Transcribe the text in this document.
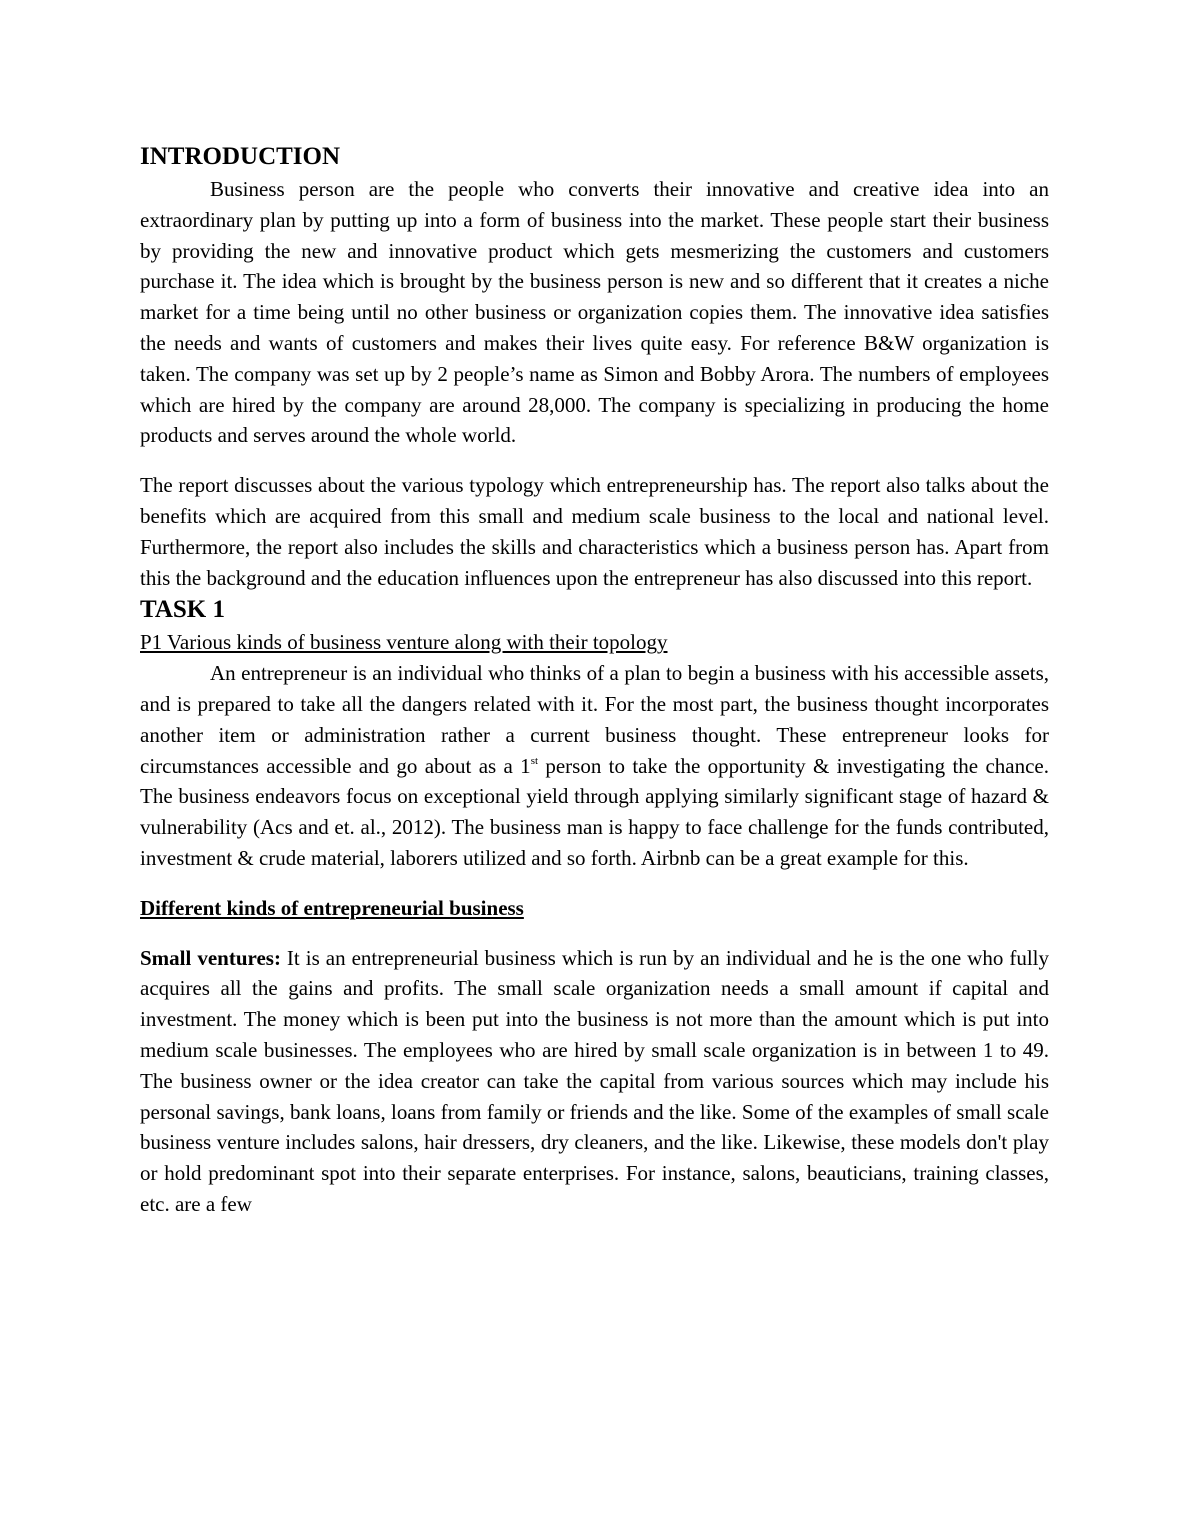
INTRODUCTION

Business person are the people who converts their innovative and creative idea into an extraordinary plan by putting up into a form of business into the market. These people start their business by providing the new and innovative product which gets mesmerizing the customers and customers purchase it. The idea which is brought by the business person is new and so different that it creates a niche market for a time being until no other business or organization copies them. The innovative idea satisfies the needs and wants of customers and makes their lives quite easy. For reference B&W organization is taken. The company was set up by 2 people’s name as Simon and Bobby Arora. The numbers of employees which are hired by the company are around 28,000. The company is specializing in producing the home products and serves around the whole world.

The report discusses about the various typology which entrepreneurship has. The report also talks about the benefits which are acquired from this small and medium scale business to the local and national level. Furthermore, the report also includes the skills and characteristics which a business person has. Apart from this the background and the education influences upon the entrepreneur has also discussed into this report.

TASK 1

P1 Various kinds of business venture along with their topology

An entrepreneur is an individual who thinks of a plan to begin a business with his accessible assets, and is prepared to take all the dangers related with it. For the most part, the business thought incorporates another item or administration rather a current business thought. These entrepreneur looks for circumstances accessible and go about as a 1st person to take the opportunity & investigating the chance. The business endeavors focus on exceptional yield through applying similarly significant stage of hazard & vulnerability (Acs and et. al., 2012). The business man is happy to face challenge for the funds contributed, investment & crude material, laborers utilized and so forth. Airbnb can be a great example for this.

Different kinds of entrepreneurial business

Small ventures: It is an entrepreneurial business which is run by an individual and he is the one who fully acquires all the gains and profits. The small scale organization needs a small amount if capital and investment. The money which is been put into the business is not more than the amount which is put into medium scale businesses. The employees who are hired by small scale organization is in between 1 to 49. The business owner or the idea creator can take the capital from various sources which may include his personal savings, bank loans, loans from family or friends and the like. Some of the examples of small scale business venture includes salons, hair dressers, dry cleaners, and the like. Likewise, these models don't play or hold predominant spot into their separate enterprises. For instance, salons, beauticians, training classes, etc. are a few
